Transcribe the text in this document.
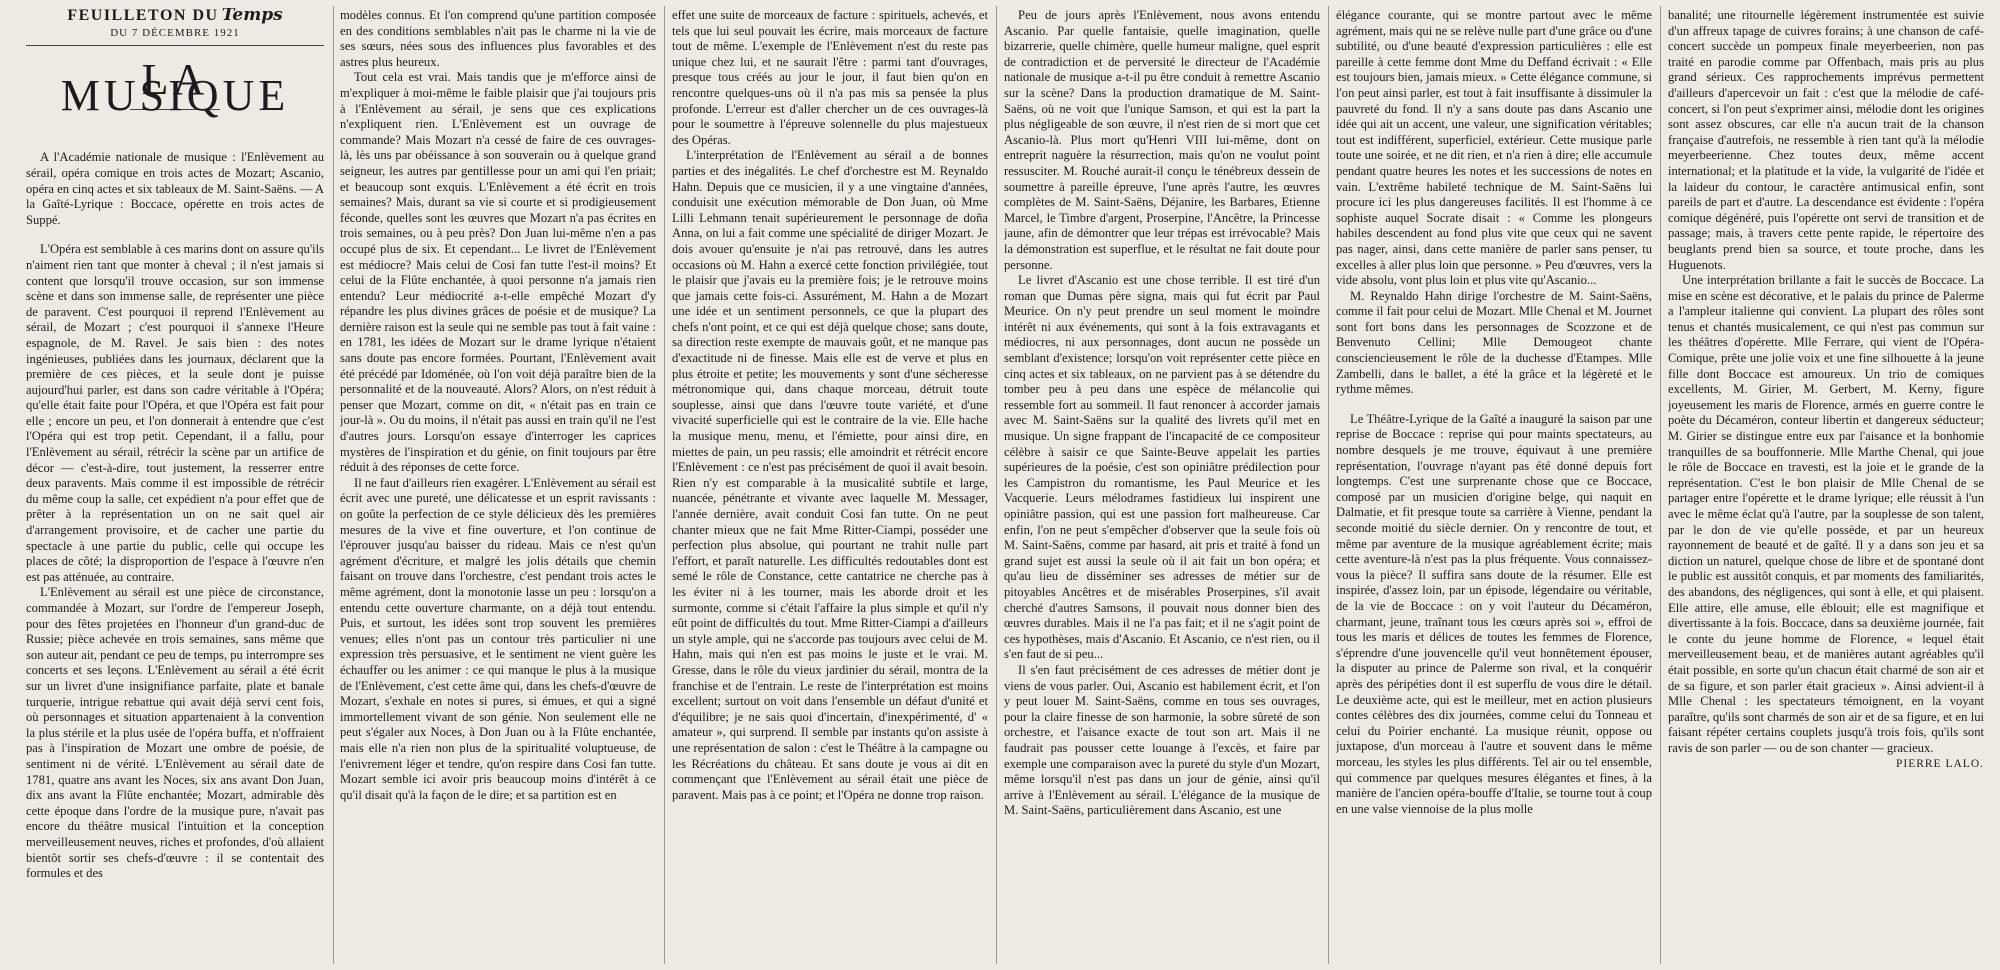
FEUILLETON DU Temps
DU 7 DÉCEMBRE 1921
LA MUSIQUE

A l'Académie nationale de musique : l'Enlèvement au sérail, opéra comique en trois actes de Mozart; Ascanio, opéra en cinq actes et six tableaux de M. Saint-Saëns. — A la Gaîté-Lyrique : Boccace, opérette en trois actes de Suppé.

L'Opéra est semblable à ces marins dont on assure qu'ils n'aiment rien tant que monter à cheval ; il n'est jamais si content que lorsqu'il trouve occasion, sur son immense scène et dans son immense salle, de représenter une pièce de paravent. C'est pourquoi il reprend l'Enlèvement au sérail, de Mozart ; c'est pourquoi il s'annexe l'Heure espagnole, de M. Ravel. Je sais bien : des notes ingénieuses, publiées dans les journaux, déclarent que la première de ces pièces, et la seule dont je puisse aujourd'hui parler, est dans son cadre véritable à l'Opéra; qu'elle était faite pour l'Opéra, et que l'Opéra est fait pour elle ; encore un peu, et l'on donnerait à entendre que c'est l'Opéra qui est trop petit. Cependant, il a fallu, pour l'Enlèvement au sérail, rétrécir la scène par un artifice de décor — c'est-à-dire, tout justement, la resserrer entre deux paravents. Mais comme il est impossible de rétrécir du même coup la salle, cet expédient n'a pour effet que de prêter à la représentation un on ne sait quel air d'arrangement provisoire, et de cacher une partie du spectacle à une partie du public, celle qui occupe les places de côté; la disproportion de l'espace à l'œuvre n'en est pas atténuée, au contraire.

L'Enlèvement au sérail est une pièce de circonstance, commandée à Mozart, sur l'ordre de l'empereur Joseph, pour des fêtes projetées en l'honneur d'un grand-duc de Russie; pièce achevée en trois semaines, sans même que son auteur ait, pendant ce peu de temps, pu interrompre ses concerts et ses leçons. L'Enlèvement au sérail a été écrit sur un livret d'une insignifiance parfaite, plate et banale turquerie, intrigue rebattue qui avait déjà servi cent fois, où personnages et situation appartenaient à la convention la plus stérile et la plus usée de l'opéra buffa, et n'offraient pas à l'inspiration de Mozart une ombre de poésie, de sentiment ni de vérité. L'Enlèvement au sérail date de 1781, quatre ans avant les Noces, six ans avant Don Juan, dix ans avant la Flûte enchantée; Mozart, admirable dès cette époque dans l'ordre de la musique pure, n'avait pas encore du théâtre musical l'intuition et la conception merveilleusement neuves, riches et profondes, d'où allaient bientôt sortir ses chefs-d'œuvre : il se contentait des formules et des

modèles connus. Et l'on comprend qu'une partition composée en des conditions semblables n'ait pas le charme ni la vie de ses sœurs, nées sous des influences plus favorables et des astres plus heureux.

Tout cela est vrai. Mais tandis que je m'efforce ainsi de m'expliquer à moi-même le faible plaisir que j'ai toujours pris à l'Enlèvement au sérail, je sens que ces explications n'expliquent rien. L'Enlèvement est un ouvrage de commande? Mais Mozart n'a cessé de faire de ces ouvrages-là, lès uns par obéissance à son souverain ou à quelque grand seigneur, les autres par gentillesse pour un ami qui l'en priait; et beaucoup sont exquis. L'Enlèvement a été écrit en trois semaines? Mais, durant sa vie si courte et si prodigieusement féconde, quelles sont les œuvres que Mozart n'a pas écrites en trois semaines, ou à peu près? Don Juan lui-même n'en a pas occupé plus de six. Et cependant... Le livret de l'Enlèvement est médiocre? Mais celui de Cosi fan tutte l'est-il moins? Et celui de la Flûte enchantée, à quoi personne n'a jamais rien entendu? Leur médiocrité a-t-elle empêché Mozart d'y répandre les plus divines grâces de poésie et de musique? La dernière raison est la seule qui ne semble pas tout à fait vaine : en 1781, les idées de Mozart sur le drame lyrique n'étaient sans doute pas encore formées. Pourtant, l'Enlèvement avait été précédé par Idoménée, où l'on voit déjà paraître bien de la personnalité et de la nouveauté. Alors? Alors, on n'est réduit à penser que Mozart, comme on dit, « n'était pas en train ce jour-là ». Ou du moins, il n'était pas aussi en train qu'il ne l'est d'autres jours. Lorsqu'on essaye d'interroger les caprices mystères de l'inspiration et du génie, on finit toujours par être réduit à des réponses de cette force.

Il ne faut d'ailleurs rien exagérer. L'Enlèvement au sérail est écrit avec une pureté, une délicatesse et un esprit ravissants : on goûte la perfection de ce style délicieux dès les premières mesures de la vive et fine ouverture, et l'on continue de l'éprouver jusqu'au baisser du rideau. Mais ce n'est qu'un agrément d'écriture, et malgré les jolis détails que chemin faisant on trouve dans l'orchestre, c'est pendant trois actes le même agrément, dont la monotonie lasse un peu : lorsqu'on a entendu cette ouverture charmante, on a déjà tout entendu. Puis, et surtout, les idées sont trop souvent les premières venues; elles n'ont pas un contour très particulier ni une expression très persuasive, et le sentiment ne vient guère les échauffer ou les animer : ce qui manque le plus à la musique de l'Enlèvement, c'est cette âme qui, dans les chefs-d'œuvre de Mozart, s'exhale en notes si pures, si émues, et qui a signé immortellement vivant de son génie. Non seulement elle ne peut s'égaler aux Noces, à Don Juan ou à la Flûte enchantée, mais elle n'a rien non plus de la spiritualité voluptueuse, de l'enivrement léger et tendre, qu'on respire dans Cosi fan tutte. Mozart semble ici avoir pris beaucoup moins d'intérêt à ce qu'il disait qu'à la façon de le dire; et sa partition est en

effet une suite de morceaux de facture : spirituels, achevés, et tels que lui seul pouvait les écrire, mais morceaux de facture tout de même. L'exemple de l'Enlèvement n'est du reste pas unique chez lui, et ne saurait l'être : parmi tant d'ouvrages, presque tous créés au jour le jour, il faut bien qu'on en rencontre quelques-uns où il n'a pas mis sa pensée la plus profonde. L'erreur est d'aller chercher un de ces ouvrages-là pour le soumettre à l'épreuve solennelle du plus majestueux des Opéras.

L'interprétation de l'Enlèvement au sérail a de bonnes parties et des inégalités. Le chef d'orchestre est M. Reynaldo Hahn. Depuis que ce musicien, il y a une vingtaine d'années, conduisit une exécution mémorable de Don Juan, où Mme Lilli Lehmann tenait supérieurement le personnage de doña Anna, on lui a fait comme une spécialité de diriger Mozart. Je dois avouer qu'ensuite je n'ai pas retrouvé, dans les autres occasions où M. Hahn a exercé cette fonction privilégiée, tout le plaisir que j'avais eu la première fois; je le retrouve moins que jamais cette fois-ci. Assurément, M. Hahn a de Mozart une idée et un sentiment personnels, ce que la plupart des chefs n'ont point, et ce qui est déjà quelque chose; sans doute, sa direction reste exempte de mauvais goût, et ne manque pas d'exactitude ni de finesse. Mais elle est de verve et plus en plus étroite et petite; les mouvements y sont d'une sécheresse métronomique qui, dans chaque morceau, détruit toute souplesse, ainsi que dans l'œuvre toute variété, et d'une vivacité superficielle qui est le contraire de la vie. Elle hache la musique menu, menu, et l'émiette, pour ainsi dire, en miettes de pain, un peu rassis; elle amoindrit et rétrécit encore l'Enlèvement : ce n'est pas précisément de quoi il avait besoin. Rien n'y est comparable à la musicalité subtile et large, nuancée, pénétrante et vivante avec laquelle M. Messager, l'année dernière, avait conduit Cosi fan tutte. On ne peut chanter mieux que ne fait Mme Ritter-Ciampi, posséder une perfection plus absolue, qui pourtant ne trahit nulle part l'effort, et paraît naturelle. Les difficultés redoutables dont est semé le rôle de Constance, cette cantatrice ne cherche pas à les éviter ni à les tourner, mais les aborde droit et les surmonte, comme si c'était l'affaire la plus simple et qu'il n'y eût point de difficultés du tout. Mme Ritter-Ciampi a d'ailleurs un style ample, qui ne s'accorde pas toujours avec celui de M. Hahn, mais qui n'en est pas moins le juste et le vrai. M. Gresse, dans le rôle du vieux jardinier du sérail, montra de la franchise et de l'entrain. Le reste de l'interprétation est moins excellent; surtout on voit dans l'ensemble un défaut d'unité et d'équilibre; je ne sais quoi d'incertain, d'inexpérimenté, d' « amateur », qui surprend. Il semble par instants qu'on assiste à une représentation de salon : c'est le Théâtre à la campagne ou les Récréations du château. Et sans doute je vous ai dit en commençant que l'Enlèvement au sérail était une pièce de paravent. Mais pas à ce point; et l'Opéra ne donne trop raison.

Peu de jours après l'Enlèvement, nous avons entendu Ascanio. Par quelle fantaisie, quelle imagination, quelle bizarrerie, quelle chimère, quelle humeur maligne, quel esprit de contradiction et de perversité le directeur de l'Académie nationale de musique a-t-il pu être conduit à remettre Ascanio sur la scène? Dans la production dramatique de M. Saint-Saëns, où ne voit que l'unique Samson, et qui est la part la plus négligeable de son œuvre, il n'est rien de si mort que cet Ascanio-là. Plus mort qu'Henri VIII lui-même, dont on entreprit naguère la résurrection, mais qu'on ne voulut point ressusciter. M. Rouché aurait-il conçu le ténébreux dessein de soumettre à pareille épreuve, l'une après l'autre, les œuvres complètes de M. Saint-Saëns, Déjanire, les Barbares, Etienne Marcel, le Timbre d'argent, Proserpine, l'Ancêtre, la Princesse jaune, afin de démontrer que leur trépas est irrévocable? Mais la démonstration est superflue, et le résultat ne fait doute pour personne.

Le livret d'Ascanio est une chose terrible. Il est tiré d'un roman que Dumas père signa, mais qui fut écrit par Paul Meurice. On n'y peut prendre un seul moment le moindre intérêt ni aux événements, qui sont à la fois extravagants et médiocres, ni aux personnages, dont aucun ne possède un semblant d'existence; lorsqu'on voit représenter cette pièce en cinq actes et six tableaux, on ne parvient pas à se détendre du tomber peu à peu dans une espèce de mélancolie qui ressemble fort au sommeil. Il faut renoncer à accorder jamais avec M. Saint-Saëns sur la qualité des livrets qu'il met en musique. Un signe frappant de l'incapacité de ce compositeur célèbre à saisir ce que Sainte-Beuve appelait les parties supérieures de la poésie, c'est son opiniâtre prédilection pour les Campistron du romantisme, les Paul Meurice et les Vacquerie. Leurs mélodrames fastidieux lui inspirent une opiniâtre passion, qui est une passion fort malheureuse. Car enfin, l'on ne peut s'empêcher d'observer que la seule fois où M. Saint-Saëns, comme par hasard, ait pris et traité à fond un grand sujet est aussi la seule où il ait fait un bon opéra; et qu'au lieu de disséminer ses adresses de métier sur de pitoyables Ancêtres et de misérables Proserpines, s'il avait cherché d'autres Samsons, il pouvait nous donner bien des œuvres durables. Mais il ne l'a pas fait; et il ne s'agit point de ces hypothèses, mais d'Ascanio. Et Ascanio, ce n'est rien, ou il s'en faut de si peu...

Il s'en faut précisément de ces adresses de métier dont je viens de vous parler. Oui, Ascanio est habilement écrit, et l'on y peut louer M. Saint-Saëns, comme en tous ses ouvrages, pour la claire finesse de son harmonie, la sobre sûreté de son orchestre, et l'aisance exacte de tout son art. Mais il ne faudrait pas pousser cette louange à l'excès, et faire par exemple une comparaison avec la pureté du style d'un Mozart, même lorsqu'il n'est pas dans un jour de génie, ainsi qu'il arrive à l'Enlèvement au sérail. L'élégance de la musique de M. Saint-Saëns, particulièrement dans Ascanio, est une

élégance courante, qui se montre partout avec le même agrément, mais qui ne se relève nulle part d'une grâce ou d'une subtilité, ou d'une beauté d'expression particulières : elle est pareille à cette femme dont Mme du Deffand écrivait : « Elle est toujours bien, jamais mieux. » Cette élégance commune, si l'on peut ainsi parler, est tout à fait insuffisante à dissimuler la pauvreté du fond. Il n'y a sans doute pas dans Ascanio une idée qui ait un accent, une valeur, une signification véritables; tout est indifférent, superficiel, extérieur. Cette musique parle toute une soirée, et ne dit rien, et n'a rien à dire; elle accumule pendant quatre heures les notes et les successions de notes en vain. L'extrême habileté technique de M. Saint-Saëns lui procure ici les plus dangereuses facilités. Il est l'homme à ce sophiste auquel Socrate disait : « Comme les plongeurs habiles descendent au fond plus vite que ceux qui ne savent pas nager, ainsi, dans cette manière de parler sans penser, tu excelles à aller plus loin que personne. » Peu d'œuvres, vers la vide absolu, vont plus loin et plus vite qu'Ascanio...

M. Reynaldo Hahn dirige l'orchestre de M. Saint-Saëns, comme il fait pour celui de Mozart. Mlle Chenal et M. Journet sont fort bons dans les personnages de Scozzone et de Benvenuto Cellini; Mlle Demougeot chante consciencieusement le rôle de la duchesse d'Etampes. Mlle Zambelli, dans le ballet, a été la grâce et la légèreté et le rythme mêmes.

Le Théâtre-Lyrique de la Gaîté a inauguré la saison par une reprise de Boccace : reprise qui pour maints spectateurs, au nombre desquels je me trouve, équivaut à une première représentation, l'ouvrage n'ayant pas été donné depuis fort longtemps. C'est une surprenante chose que ce Boccace, composé par un musicien d'origine belge, qui naquit en Dalmatie, et fit presque toute sa carrière à Vienne, pendant la seconde moitié du siècle dernier. On y rencontre de tout, et même par aventure de la musique agréablement écrite; mais cette aventure-là n'est pas la plus fréquente. Vous connaissez-vous la pièce? Il suffira sans doute de la résumer. Elle est inspirée, d'assez loin, par un épisode, légendaire ou véritable, de la vie de Boccace : on y voit l'auteur du Décaméron, charmant, jeune, traînant tous les cœurs après soi », effroi de tous les maris et délices de toutes les femmes de Florence, s'éprendre d'une jouvencelle qu'il veut honnêtement épouser, la disputer au prince de Palerme son rival, et la conquérir après des péripéties dont il est superflu de vous dire le détail. Le deuxième acte, qui est le meilleur, met en action plusieurs contes célèbres des dix journées, comme celui du Tonneau et celui du Poirier enchanté. La musique réunit, oppose ou juxtapose, d'un morceau à l'autre et souvent dans le même morceau, les styles les plus différents. Tel air ou tel ensemble, qui commence par quelques mesures élégantes et fines, à la manière de l'ancien opéra-bouffe d'Italie, se tourne tout à coup en une valse viennoise de la plus molle

banalité; une ritournelle légèrement instrumentée est suivie d'un affreux tapage de cuivres forains; à une chanson de café-concert succède un pompeux finale meyerbeerien, non pas traité en parodie comme par Offenbach, mais pris au plus grand sérieux. Ces rapprochements imprévus permettent d'ailleurs d'apercevoir un fait : c'est que la mélodie de café-concert, si l'on peut s'exprimer ainsi, mélodie dont les origines sont assez obscures, car elle n'a aucun trait de la chanson française d'autrefois, ne ressemble à rien tant qu'à la mélodie meyerbeerienne. Chez toutes deux, même accent international; et la platitude et la vide, la vulgarité de l'idée et la laideur du contour, le caractère antimusical enfin, sont pareils de part et d'autre. La descendance est évidente : l'opéra comique dégénéré, puis l'opérette ont servi de transition et de passage; mais, à travers cette pente rapide, le répertoire des beuglants prend bien sa source, et toute proche, dans les Huguenots.

Une interprétation brillante a fait le succès de Boccace. La mise en scène est décorative, et le palais du prince de Palerme a l'ampleur italienne qui convient. La plupart des rôles sont tenus et chantés musicalement, ce qui n'est pas commun sur les théâtres d'opérette. Mlle Ferrare, qui vient de l'Opéra-Comique, prête une jolie voix et une fine silhouette à la jeune fille dont Boccace est amoureux. Un trio de comiques excellents, M. Girier, M. Gerbert, M. Kerny, figure joyeusement les maris de Florence, armés en guerre contre le poète du Décaméron, conteur libertin et dangereux séducteur; M. Girier se distingue entre eux par l'aisance et la bonhomie tranquilles de sa bouffonnerie. Mlle Marthe Chenal, qui joue le rôle de Boccace en travesti, est la joie et le grande de la représentation. C'est le bon plaisir de Mlle Chenal de se partager entre l'opérette et le drame lyrique; elle réussit à l'un avec le même éclat qu'à l'autre, par la souplesse de son talent, par le don de vie qu'elle possède, et par un heureux rayonnement de beauté et de gaîté. Il y a dans son jeu et sa diction un naturel, quelque chose de libre et de spontané dont le public est aussitôt conquis, et par moments des familiarités, des abandons, des négligences, qui sont à elle, et qui plaisent. Elle attire, elle amuse, elle éblouit; elle est magnifique et divertissante à la fois. Boccace, dans sa deuxième journée, fait le conte du jeune homme de Florence, « lequel était merveilleusement beau, et de manières autant agréables qu'il était possible, en sorte qu'un chacun était charmé de son air et de sa figure, et son parler était gracieux ». Ainsi advient-il à Mlle Chenal : les spectateurs témoignent, en la voyant paraître, qu'ils sont charmés de son air et de sa figure, et en lui faisant répéter certains couplets jusqu'à trois fois, qu'ils sont ravis de son parler — ou de son chanter — gracieux.

PIERRE LALO.
